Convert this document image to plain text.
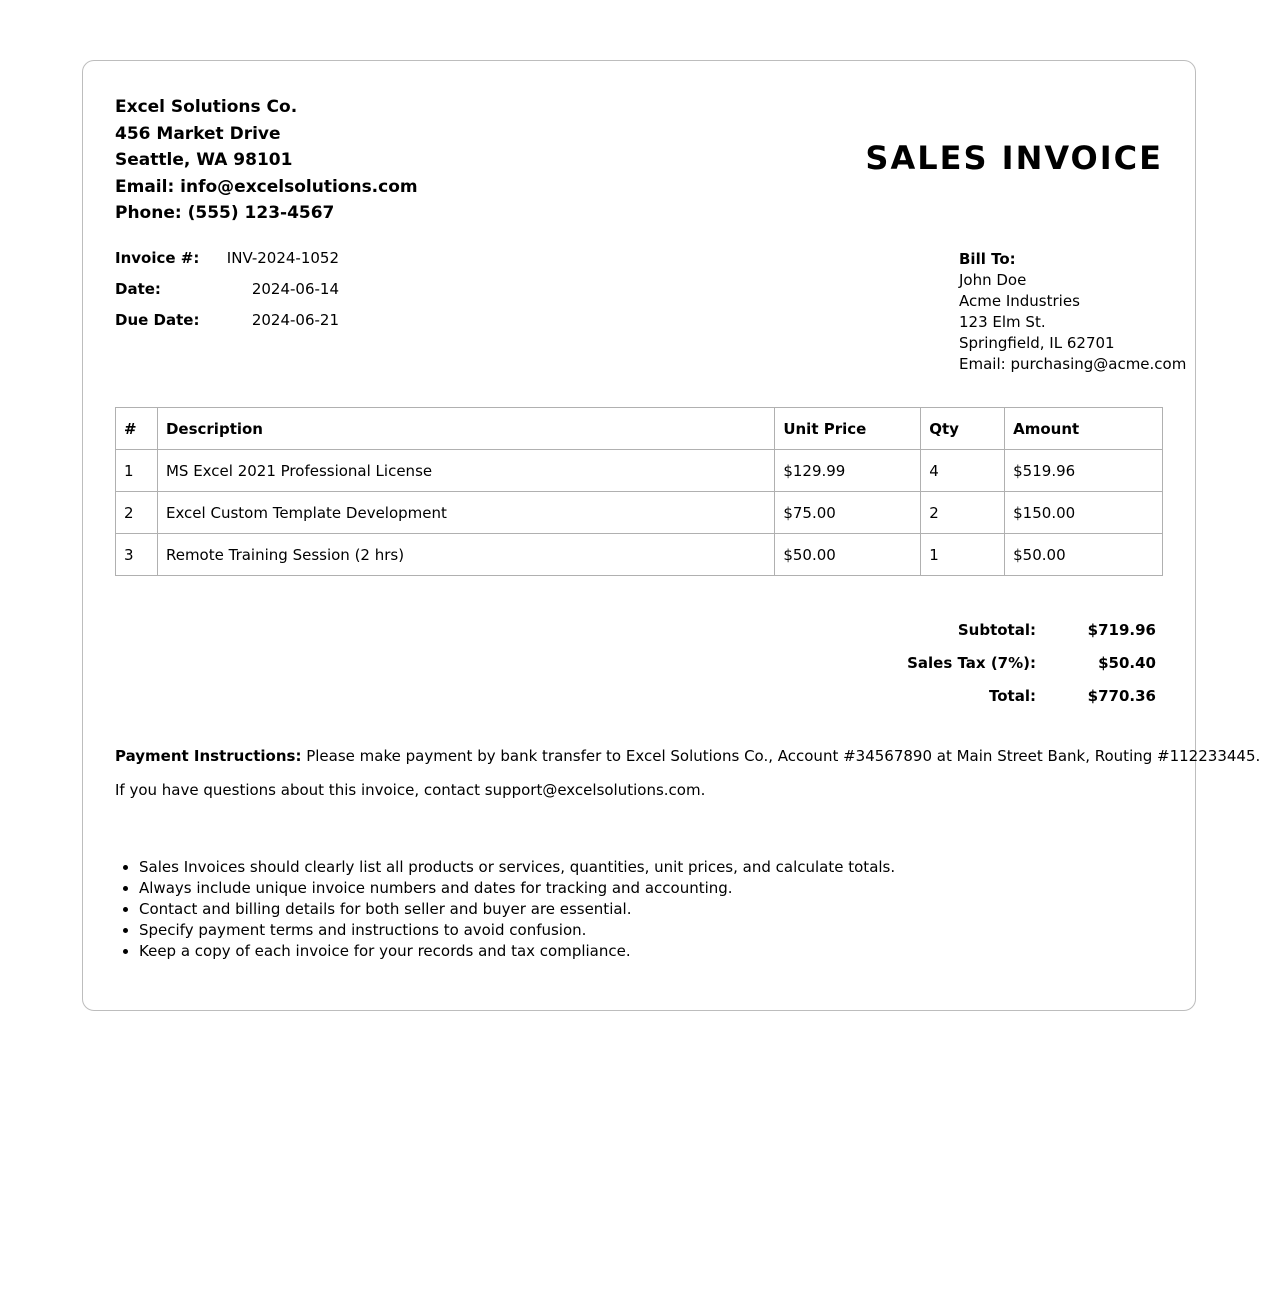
Excel Solutions Co.
456 Market Drive
Seattle, WA 98101
Email: info@excelsolutions.com
Phone: (555) 123-4567
SALES INVOICE
Invoice #:	INV-2024-1052
Date:	2024-06-14
Due Date:	2024-06-21
Bill To:
John Doe
Acme Industries
123 Elm St.
Springfield, IL 62701
Email: purchasing@acme.com
#	Description	Unit Price	Qty	Amount
1	MS Excel 2021 Professional License	$129.99	4	$519.96
2	Excel Custom Template Development	$75.00	2	$150.00
3	Remote Training Session (2 hrs)	$50.00	1	$50.00
Subtotal:	$719.96
Sales Tax (7%):	$50.40
Total:	$770.36
Payment Instructions: Please make payment by bank transfer to Excel Solutions Co., Account #34567890 at Main Street Bank, Routing #112233445.
If you have questions about this invoice, contact support@excelsolutions.com.
• Sales Invoices should clearly list all products or services, quantities, unit prices, and calculate totals.
• Always include unique invoice numbers and dates for tracking and accounting.
• Contact and billing details for both seller and buyer are essential.
• Specify payment terms and instructions to avoid confusion.
• Keep a copy of each invoice for your records and tax compliance.
